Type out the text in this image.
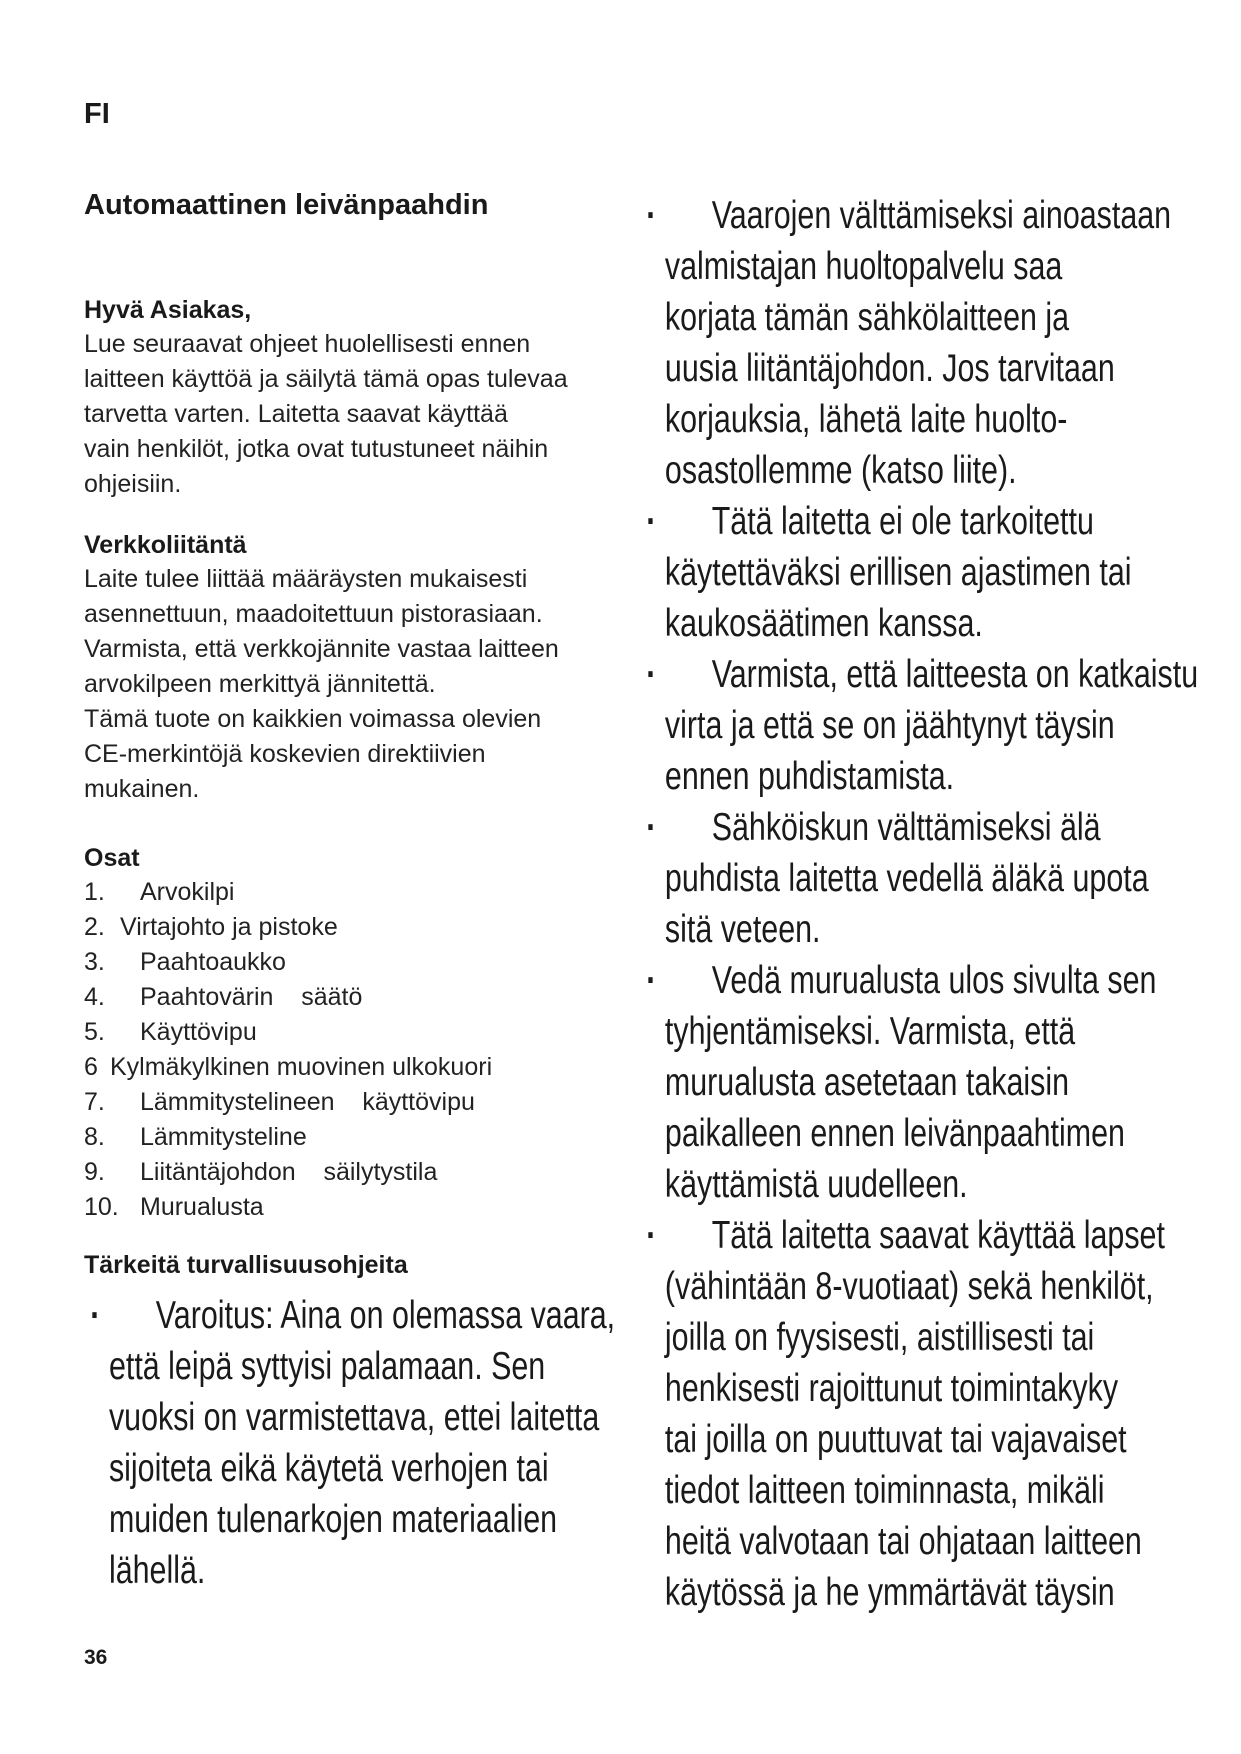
FI
Automaattinen leivänpaahdin
Hyvä Asiakas,
Lue seuraavat ohjeet huolellisesti ennen
laitteen käyttöä ja säilytä tämä opas tulevaa
tarvetta varten. Laitetta saavat käyttää
vain henkilöt, jotka ovat tutustuneet näihin
ohjeisiin.
Verkkoliitäntä
Laite tulee liittää määräysten mukaisesti
asennettuun, maadoitettuun pistorasiaan.
Varmista, että verkkojännite vastaa laitteen
arvokilpeen merkittyä jännitettä.
Tämä tuote on kaikkien voimassa olevien
CE-merkintöjä koskevien direktiivien
mukainen.
Osat
1.	Arvokilpi
2. Virtajohto ja pistoke
3.	Paahtoaukko
4.	Paahtovärin    säätö
5.	Käyttövipu
6 Kylmäkylkinen muovinen ulkokuori
7.	Lämmitystelineen    käyttövipu
8.	Lämmitysteline
9.	Liitäntäjohdon    säilytystila
10. Murualusta
Tärkeitä turvallisuusohjeita
· Varoitus: Aina on olemassa vaara,
että leipä syttyisi palamaan. Sen
vuoksi on varmistettava, ettei laitetta
sijoiteta eikä käytetä verhojen tai
muiden tulenarkojen materiaalien
lähellä.
· Vaarojen välttämiseksi ainoastaan
valmistajan huoltopalvelu saa
korjata tämän sähkölaitteen ja
uusia liitäntäjohdon. Jos tarvitaan
korjauksia, lähetä laite huolto-
osastollemme (katso liite).
· Tätä laitetta ei ole tarkoitettu
käytettäväksi erillisen ajastimen tai
kaukosäätimen kanssa.
· Varmista, että laitteesta on katkaistu
virta ja että se on jäähtynyt täysin
ennen puhdistamista.
· Sähköiskun välttämiseksi älä
puhdista laitetta vedellä äläkä upota
sitä veteen.
· Vedä murualusta ulos sivulta sen
tyhjentämiseksi. Varmista, että
murualusta asetetaan takaisin
paikalleen ennen leivänpaahtimen
käyttämistä uudelleen.
· Tätä laitetta saavat käyttää lapset
(vähintään 8-vuotiaat) sekä henkilöt,
joilla on fyysisesti, aistillisesti tai
henkisesti rajoittunut toimintakyky
tai joilla on puuttuvat tai vajavaiset
tiedot laitteen toiminnasta, mikäli
heitä valvotaan tai ohjataan laitteen
käytössä ja he ymmärtävät täysin
36
